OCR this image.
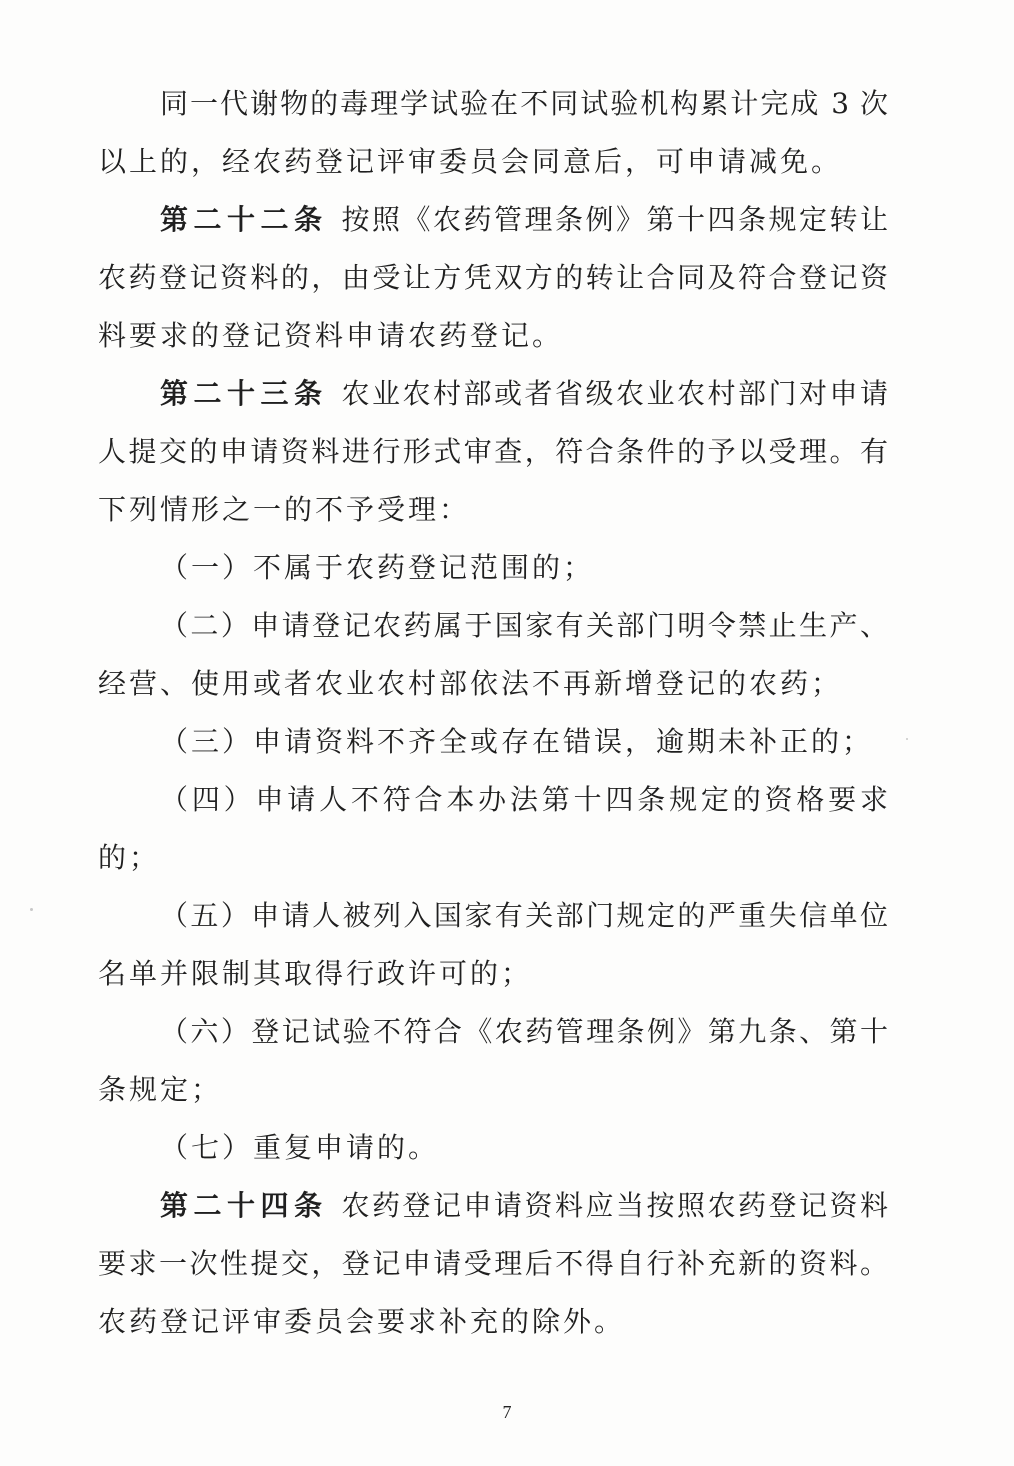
同一代谢物的毒理学试验在不同试验机构累计完成 3 次
以上的，经农药登记评审委员会同意后，可申请减免。
第二十二条 按照《农药管理条例》第十四条规定转让
农药登记资料的，由受让方凭双方的转让合同及符合登记资
料要求的登记资料申请农药登记。
第二十三条 农业农村部或者省级农业农村部门对申请
人提交的申请资料进行形式审查，符合条件的予以受理。有
下列情形之一的不予受理：
（一）不属于农药登记范围的；
（二）申请登记农药属于国家有关部门明令禁止生产、
经营、使用或者农业农村部依法不再新增登记的农药；
（三）申请资料不齐全或存在错误，逾期未补正的；
（四）申请人不符合本办法第十四条规定的资格要求
的；
（五）申请人被列入国家有关部门规定的严重失信单位
名单并限制其取得行政许可的；
（六）登记试验不符合《农药管理条例》第九条、第十
条规定；
（七）重复申请的。
第二十四条 农药登记申请资料应当按照农药登记资料
要求一次性提交，登记申请受理后不得自行补充新的资料。
农药登记评审委员会要求补充的除外。
7
